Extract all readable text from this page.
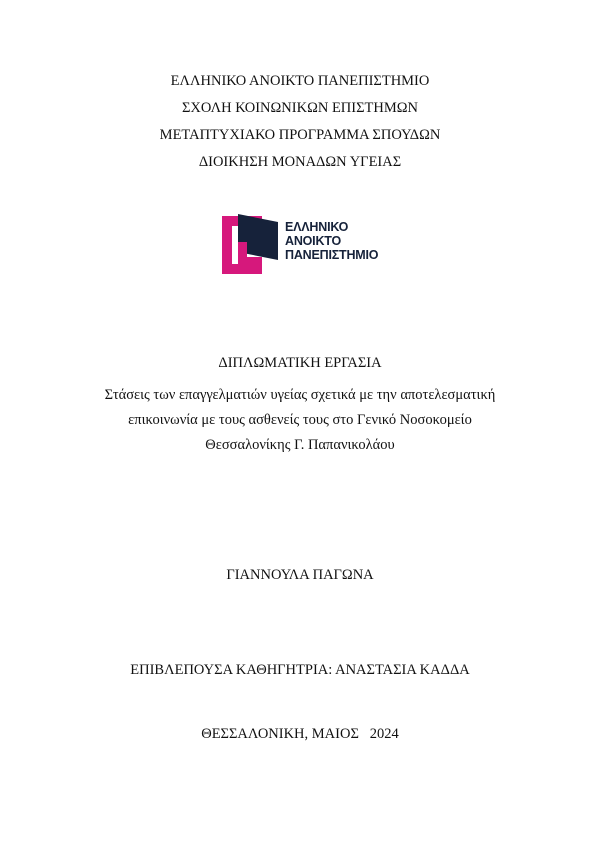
ΕΛΛΗΝΙΚΟ ΑΝΟΙΚΤΟ ΠΑΝΕΠΙΣΤΗΜΙΟ
ΣΧΟΛΗ ΚΟΙΝΩΝΙΚΩΝ ΕΠΙΣΤΗΜΩΝ
ΜΕΤΑΠΤΥΧΙΑΚΟ ΠΡΟΓΡΑΜΜΑ ΣΠΟΥΔΩΝ
ΔΙΟΙΚΗΣΗ ΜΟΝΑΔΩΝ ΥΓΕΙΑΣ
ΕΛΛΗΝΙΚΟ
ΑΝΟΙΚΤΟ
ΠΑΝΕΠΙΣΤΗΜΙΟ
ΔΙΠΛΩΜΑΤΙΚΗ ΕΡΓΑΣΙΑ
Στάσεις των επαγγελματιών υγείας σχετικά με την αποτελεσματική
επικοινωνία με τους ασθενείς τους στο Γενικό Νοσοκομείο
Θεσσαλονίκης Γ. Παπανικολάου
ΓΙΑΝΝΟΥΛΑ ΠΑΓΩΝΑ
ΕΠΙΒΛΕΠΟΥΣΑ ΚΑΘΗΓΗΤΡΙΑ: ΑΝΑΣΤΑΣΙΑ ΚΑΔΔΑ
ΘΕΣΣΑΛΟΝΙΚΗ, ΜΑΙΟΣ   2024
